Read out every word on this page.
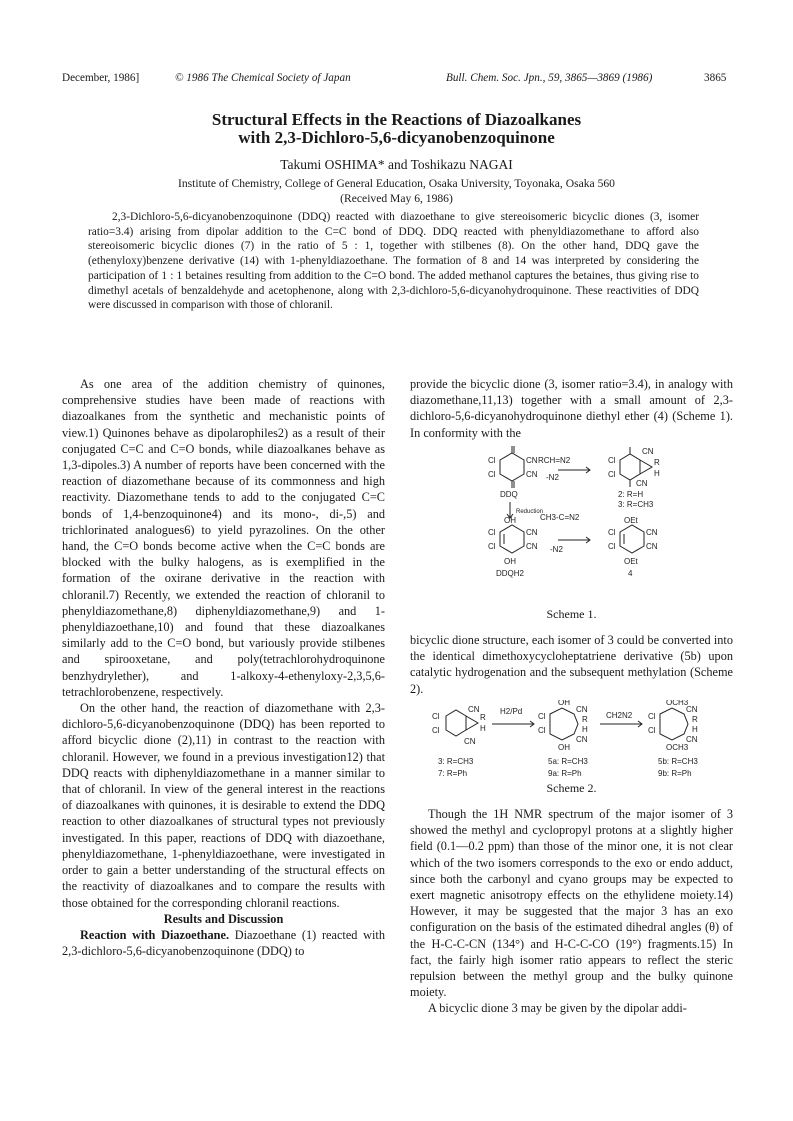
December, 1986]	© 1986 The Chemical Society of Japan	Bull. Chem. Soc. Jpn., 59, 3865—3869 (1986)	3865
Structural Effects in the Reactions of Diazoalkanes
with 2,3-Dichloro-5,6-dicyanobenzoquinone
Takumi OSHIMA* and Toshikazu NAGAI
Institute of Chemistry, College of General Education, Osaka University, Toyonaka, Osaka 560
(Received May 6, 1986)
2,3-Dichloro-5,6-dicyanobenzoquinone (DDQ) reacted with diazoethane to give stereoisomeric bicyclic diones (3, isomer ratio=3.4) arising from dipolar addition to the C=C bond of DDQ. DDQ reacted with phenyldiazomethane to afford also stereoisomeric bicyclic diones (7) in the ratio of 5 : 1, together with stilbenes (8). On the other hand, DDQ gave the (ethenyloxy)benzene derivative (14) with 1-phenyldiazoethane. The formation of 8 and 14 was interpreted by considering the participation of 1 : 1 betaines resulting from addition to the C=O bond. The added methanol captures the betaines, thus giving rise to dimethyl acetals of benzaldehyde and acetophenone, along with 2,3-dichloro-5,6-dicyanohydroquinone. These reactivities of DDQ were discussed in comparison with those of chloranil.

As one area of the addition chemistry of quinones, comprehensive studies have been made of reactions with diazoalkanes from the synthetic and mechanistic points of view.1) Quinones behave as dipolarophiles2) as a result of their conjugated C=C and C=O bonds, while diazoalkanes behave as 1,3-dipoles.3) A number of reports have been concerned with the reaction of diazomethane because of its commonness and high reactivity. Diazomethane tends to add to the conjugated C=C bonds of 1,4-benzoquinone4) and its mono-, di-,5) and trichlorinated analogues6) to yield pyrazolines. On the other hand, the C=O bonds become active when the C=C bonds are blocked with the bulky halogens, as is exemplified in the formation of the oxirane derivative in the reaction with chloranil.7) Recently, we extended the reaction of chloranil to phenyldiazomethane,8) diphenyldiazomethane,9) and 1-phenyldiazoethane,10) and found that these diazoalkanes similarly add to the C=O bond, but variously provide stilbenes and spirooxetane, and poly(tetrachlorohydroquinone benzhydrylether), and 1-alkoxy-4-ethenyloxy-2,3,5,6-tetrachlorobenzene, respectively.

On the other hand, the reaction of diazomethane with 2,3-dichloro-5,6-dicyanobenzoquinone (DDQ) has been reported to afford bicyclic dione (2),11) in contrast to the reaction with chloranil. However, we found in a previous investigation12) that DDQ reacts with diphenyldiazomethane in a manner similar to that of chloranil. In view of the general interest in the reactions of diazoalkanes with quinones, it is desirable to extend the DDQ reaction to other diazoalkanes of structural types not previously investigated. In this paper, reactions of DDQ with diazoethane, phenyldiazomethane, 1-phenyldiazoethane, were investigated in order to gain a better understanding of the structural effects on the reactivity of diazoalkanes and to compare the results with those obtained for the corresponding chloranil reactions.

Results and Discussion

Reaction with Diazoethane. Diazoethane (1) reacted with 2,3-dichloro-5,6-dicyanobenzoquinone (DDQ) to

provide the bicyclic dione (3, isomer ratio=3.4), in analogy with diazomethane,11,13) together with a small amount of 2,3-dichloro-5,6-dicyanohydroquinone diethyl ether (4) (Scheme 1). In conformity with the

Cl
Cl
CN
CN
RCH=N2
-N2
Cl
Cl
CN
CN
R
H
DDQ	2: R=H
3: R=CH3
Reduction
CH3-C=N2
OH
OH
Cl
Cl
CN
CN -N2
DDQH2
OEt
OEt
Cl
Cl
CN
CN
4
Scheme 1.

bicyclic dione structure, each isomer of 3 could be converted into the identical dimethoxycycloheptatriene derivative (5b) upon catalytic hydrogenation and the subsequent methylation (Scheme 2).

Cl
Cl
CN
CN
R
H
H2/Pd
OH
OH
Cl
Cl
CN
CN
R
H
CH2N2
OCH3
OCH3
Cl
Cl
CN
CN
R
H
3: R=CH3
7: R=Ph
5a: R=CH3
9a: R=Ph
5b: R=CH3
9b: R=Ph
Scheme 2.

Though the 1H NMR spectrum of the major isomer of 3 showed the methyl and cyclopropyl protons at a slightly higher field (0.1—0.2 ppm) than those of the minor one, it is not clear which of the two isomers corresponds to the exo or endo adduct, since both the carbonyl and cyano groups may be expected to exert magnetic anisotropy effects on the ethylidene moiety.14) However, it may be suggested that the major 3 has an exo configuration on the basis of the estimated dihedral angles (θ) of the H-C-C-CN (134°) and H-C-C-CO (19°) fragments.15) In fact, the fairly high isomer ratio appears to reflect the steric repulsion between the methyl group and the bulky quinone moiety.

A bicyclic dione 3 may be given by the dipolar addi-
